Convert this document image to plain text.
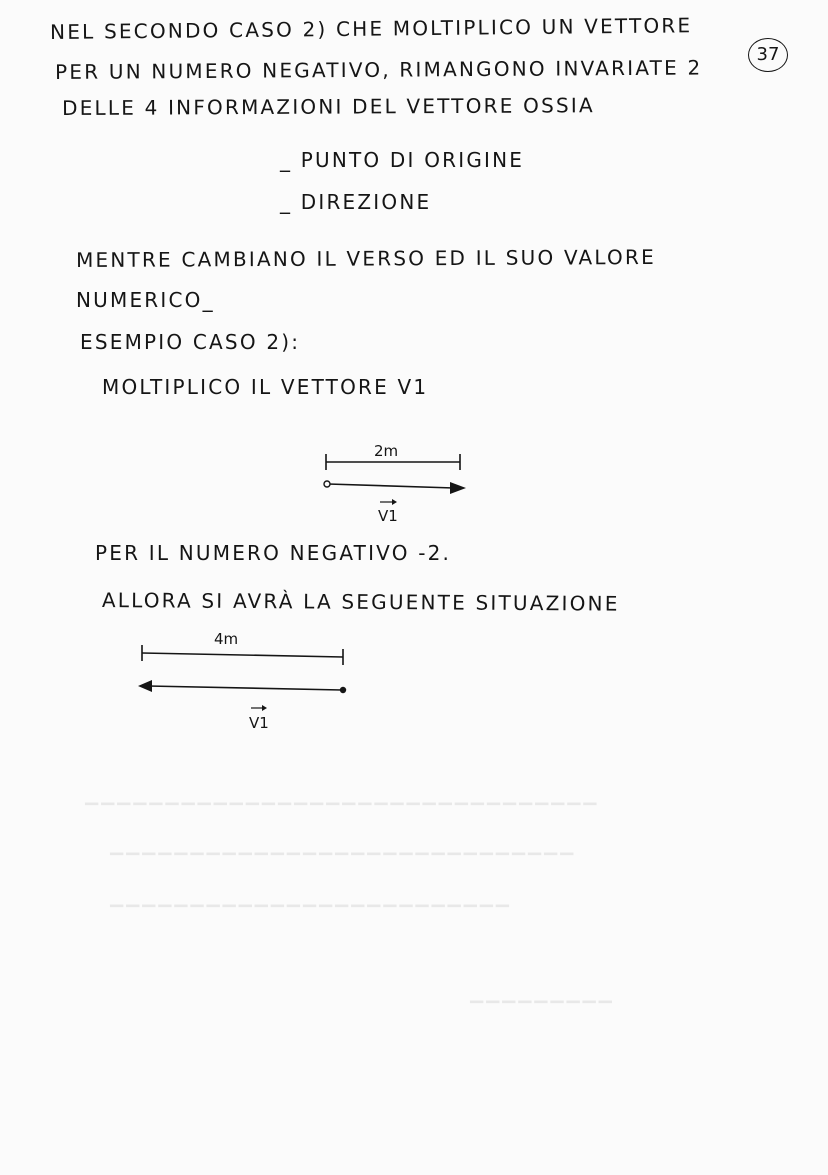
▁▁▁▁▁▁▁▁▁▁▁▁▁▁▁▁▁▁▁▁▁▁▁▁▁▁▁▁▁▁▁▁
▁▁▁▁▁▁▁▁▁▁▁▁▁▁▁▁▁▁▁▁▁▁▁▁▁▁▁▁▁
▁▁▁▁▁▁▁▁▁▁▁▁▁▁▁▁▁▁▁▁▁▁▁▁▁
▁▁▁▁▁▁▁▁▁
37
NEL SECONDO CASO 2) CHE MOLTIPLICO UN VETTORE
PER UN NUMERO NEGATIVO, RIMANGONO INVARIATE 2
DELLE 4 INFORMAZIONI DEL VETTORE OSSIA
_ PUNTO DI ORIGINE
_ DIREZIONE
MENTRE CAMBIANO IL VERSO ED IL SUO VALORE
NUMERICO_
ESEMPIO CASO 2):
MOLTIPLICO IL VETTORE V1
2m
V1
PER IL NUMERO NEGATIVO -2.
ALLORA SI AVRÀ LA SEGUENTE SITUAZIONE
4m
V1
